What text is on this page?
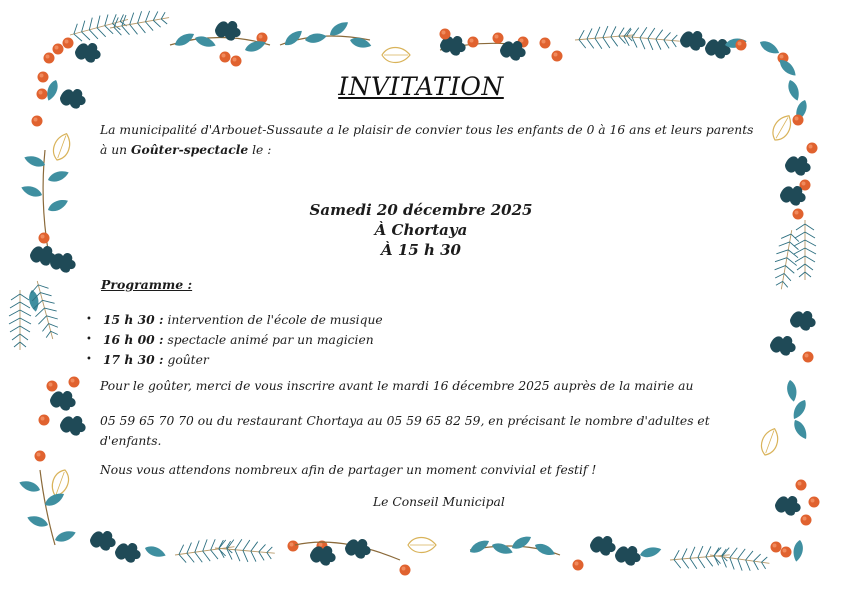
INVITATION
La municipalité d'Arbouet-Sussaute a le plaisir de convier tous les enfants de 0 à 16 ans et leurs parents à un Goûter-spectacle le :
Samedi 20 décembre 2025
À Chortaya
À 15 h 30
Programme :
• 15 h 30 : intervention de l'école de musique
• 16 h 00 : spectacle animé par un magicien
• 17 h 30 : goûter
Pour le goûter, merci de vous inscrire avant le mardi 16 décembre 2025 auprès de la mairie au
05 59 65 70 70 ou du restaurant Chortaya au 05 59 65 82 59, en précisant le nombre d'adultes et d'enfants.
Nous vous attendons nombreux afin de partager un moment convivial et festif !
Le Conseil Municipal
